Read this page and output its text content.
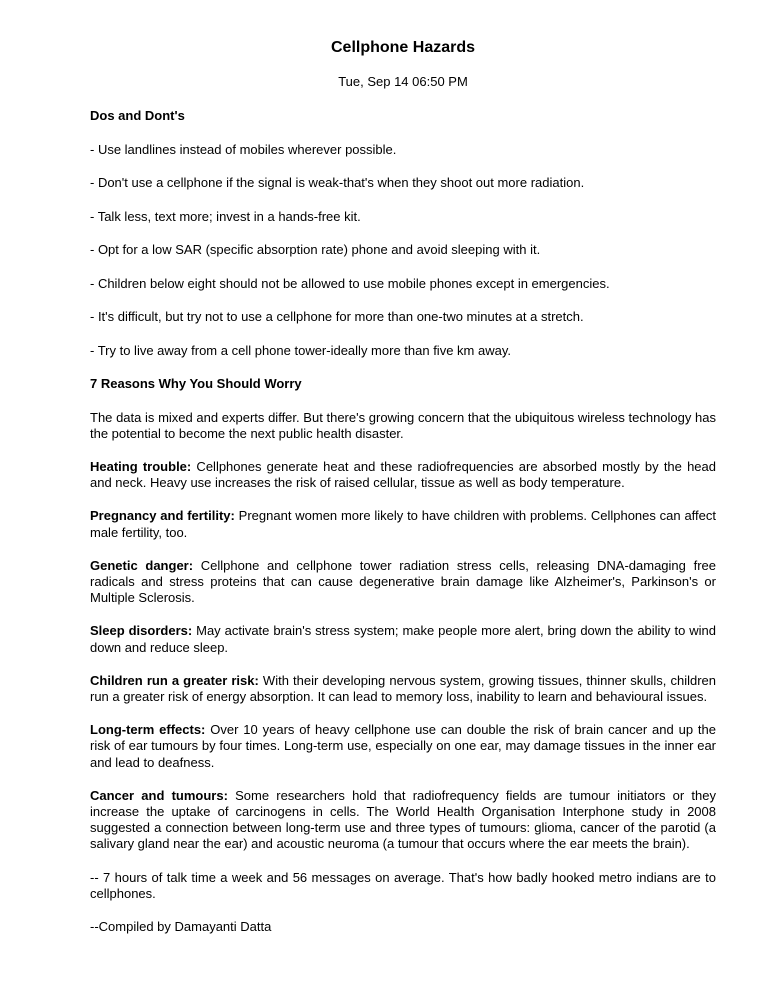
Cellphone Hazards
Tue, Sep 14 06:50 PM
Dos and Dont's
- Use landlines instead of mobiles wherever possible.
- Don't use a cellphone if the signal is weak-that's when they shoot out more radiation.
- Talk less, text more; invest in a hands-free kit.
- Opt for a low SAR (specific absorption rate) phone and avoid sleeping with it.
- Children below eight should not be allowed to use mobile phones except in emergencies.
- It's difficult, but try not to use a cellphone for more than one-two minutes at a stretch.
- Try to live away from a cell phone tower-ideally more than five km away.
7 Reasons Why You Should Worry
The data is mixed and experts differ. But there's growing concern that the ubiquitous wireless technology has the potential to become the next public health disaster.
Heating trouble: Cellphones generate heat and these radiofrequencies are absorbed mostly by the head and neck. Heavy use increases the risk of raised cellular, tissue as well as body temperature.
Pregnancy and fertility: Pregnant women more likely to have children with problems. Cellphones can affect male fertility, too.
Genetic danger: Cellphone and cellphone tower radiation stress cells, releasing DNA-damaging free radicals and stress proteins that can cause degenerative brain damage like Alzheimer's, Parkinson's or Multiple Sclerosis.
Sleep disorders: May activate brain's stress system; make people more alert, bring down the ability to wind down and reduce sleep.
Children run a greater risk: With their developing nervous system, growing tissues, thinner skulls, children run a greater risk of energy absorption. It can lead to memory loss, inability to learn and behavioural issues.
Long-term effects: Over 10 years of heavy cellphone use can double the risk of brain cancer and up the risk of ear tumours by four times. Long-term use, especially on one ear, may damage tissues in the inner ear and lead to deafness.
Cancer and tumours: Some researchers hold that radiofrequency fields are tumour initiators or they increase the uptake of carcinogens in cells. The World Health Organisation Interphone study in 2008 suggested a connection between long-term use and three types of tumours: glioma, cancer of the parotid (a salivary gland near the ear) and acoustic neuroma (a tumour that occurs where the ear meets the brain).
-- 7 hours of talk time a week and 56 messages on average. That's how badly hooked metro indians are to cellphones.
--Compiled by Damayanti Datta
